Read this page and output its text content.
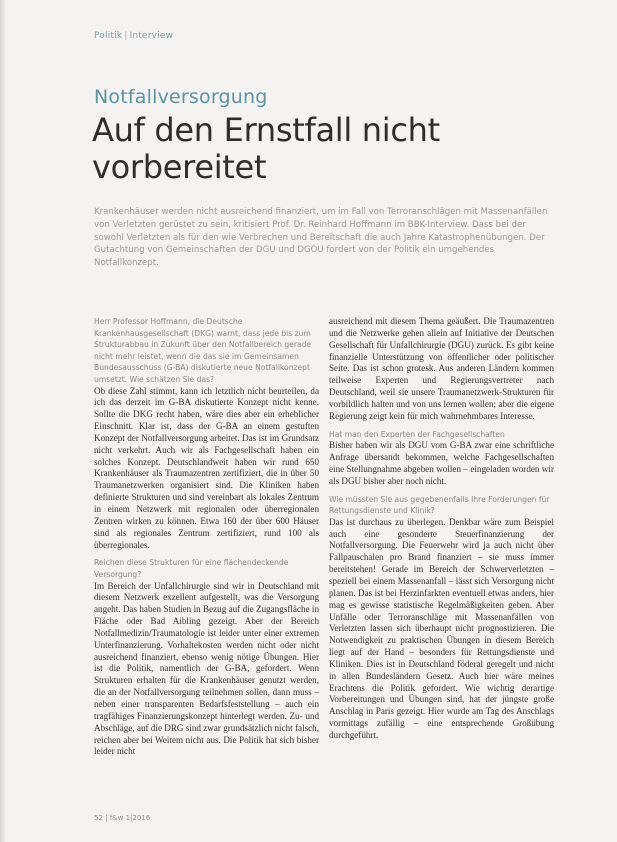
Politik | Interview
Notfallversorgung
Auf den Ernstfall nicht vorbereitet
Krankenhäuser werden nicht ausreichend finanziert, um im Fall von Terroranschlägen mit Massenanfällen von Verletzten gerüstet zu sein, kritisiert Prof. Dr. Reinhard Hoffmann im BBK-Interview. Dass bei der sowohl Verletzten als für den wie Verbrechen und Bereitschaft die auch Jahre Katastrophenübungen. Der Gutachtung von Gemeinschaften der DGU und DGOU fordert von der Politik ein umgehendes Notfallkonzept.
Herr Professor Hoffmann, die Deutsche Krankenhausgesellschaft (DKG) warnt, dass jede bis zum Strukturabbau in Zukunft über den Notfallbereich gerade nicht mehr leistet, wenn die das sie im Gemeinsamen Bundesausschuss (G-BA) diskutierte neue Notfallkonzept umsetzt. Wie schätzen Sie das?
Ob diese Zahl stimmt, kann ich letztlich nicht beurteilen, da ich das derzeit im G-BA diskutierte Konzept nicht kenne. Sollte die DKG recht haben, wäre dies aber ein erheblicher Einschnitt. Klar ist, dass der G-BA an einem gestuften Konzept der Notfallversorgung arbeitet. Das ist im Grundsatz nicht verkehrt. Auch wir als Fachgesellschaft haben ein solches Konzept. Deutschlandweit haben wir rund 650 Krankenhäuser als Traumazentren zertifiziert, die in über 50 Traumanetzwerken organisiert sind. Die Kliniken haben definierte Strukturen und sind vereinbart als lokales Zentrum in einem Netzwerk mit regionalen oder überregionalen Zentren wirken zu können. Etwa 160 der über 600 Häuser sind als regionales Zentrum zertifiziert, rund 100 als überregionales.
Reichen diese Strukturen für eine flächendeckende Versorgung?
Im Bereich der Unfallchirurgie sind wir in Deutschland mit diesem Netzwerk exzellent aufgestellt, was die Versorgung angeht. Das haben Studien in Bezug auf die Zugangsfläche in Fläche oder Bad Aibling gezeigt. Aber der Bereich Notfallmedizin/Traumatologie ist leider unter einer extremen Unterfinanzierung. Vorhaltekosten werden nicht oder nicht ausreichend finanziert, ebenso wenig nötige Übungen. Hier ist die Politik, namentlich der G-BA, gefordert. Wenn Strukturen erhalten für die Krankenhäuser genutzt werden, die an der Notfallversorgung teilnehmen sollen, dann muss – neben einer transparenten Bedarfsfeststellung – auch ein tragfähiges Finanzierungskonzept hinterlegt werden. Zu- und Abschläge, auf die DRG sind zwar grundsätzlich nicht falsch, reichen aber bei Weitem nicht aus. Die Politik hat sich bisher leider nicht
ausreichend mit diesem Thema geäußert. Die Traumazentren und die Netzwerke gehen allein auf Initiative der Deutschen Gesellschaft für Unfallchirurgie (DGU) zurück. Es gibt keine finanzielle Unterstützung von öffentlicher oder politischer Seite. Das ist schon grotesk. Aus anderen Ländern kommen teilweise Experten und Regierungsvertreter nach Deutschland, weil sie unsere Traumanetzwerk-Strukturen für vorbildlich halten und von uns lernen wollen; aber die eigene Regierung zeigt kein für mich wahrnehmbares Interesse.
Hat man den Experten der Fachgesellschaften
Bisher haben wir als DGU vom G-BA zwar eine schriftliche Anfrage übersandt bekommen, welche Fachgesellschaften eine Stellungnahme abgeben wollen – eingeladen worden wir als DGU bisher aber noch nicht.
Wie müssten Sie aus gegebenenfalls Ihre Forderungen für Rettungsdienste und Klinik?
Das ist durchaus zu überlegen. Denkbar wäre zum Beispiel auch eine gesonderte Steuerfinanzierung der Notfallversorgung. Die Feuerwehr wird ja auch nicht über Fallpauschalen pro Brand finanziert – sie muss immer bereitstehen! Gerade im Bereich der Schwerverletzten – speziell bei einem Massenanfall – lässt sich Versorgung nicht planen. Das ist bei Herzinfarkten eventuell etwas anders, hier mag es gewisse statistische Regelmäßigkeiten geben. Aber Unfälle oder Terroranschläge mit Massenanfällen von Verletzten lassen sich überhaupt nicht prognostizieren. Die Notwendigkeit zu praktischen Übungen in diesem Bereich liegt auf der Hand – besonders für Rettungsdienste und Kliniken. Dies ist in Deutschland föderal geregelt und nicht in allen Bundesländern Gesetz. Auch hier wäre meines Erachtens die Politik gefordert. Wie wichtig derartige Vorbereitungen und Übungen sind, hat der jüngste große Anschlag in Paris gezeigt. Hier wurde am Tag des Anschlags vormittags zufällig – eine entsprechende Großübung durchgeführt.
52 | f&w 1|2016
